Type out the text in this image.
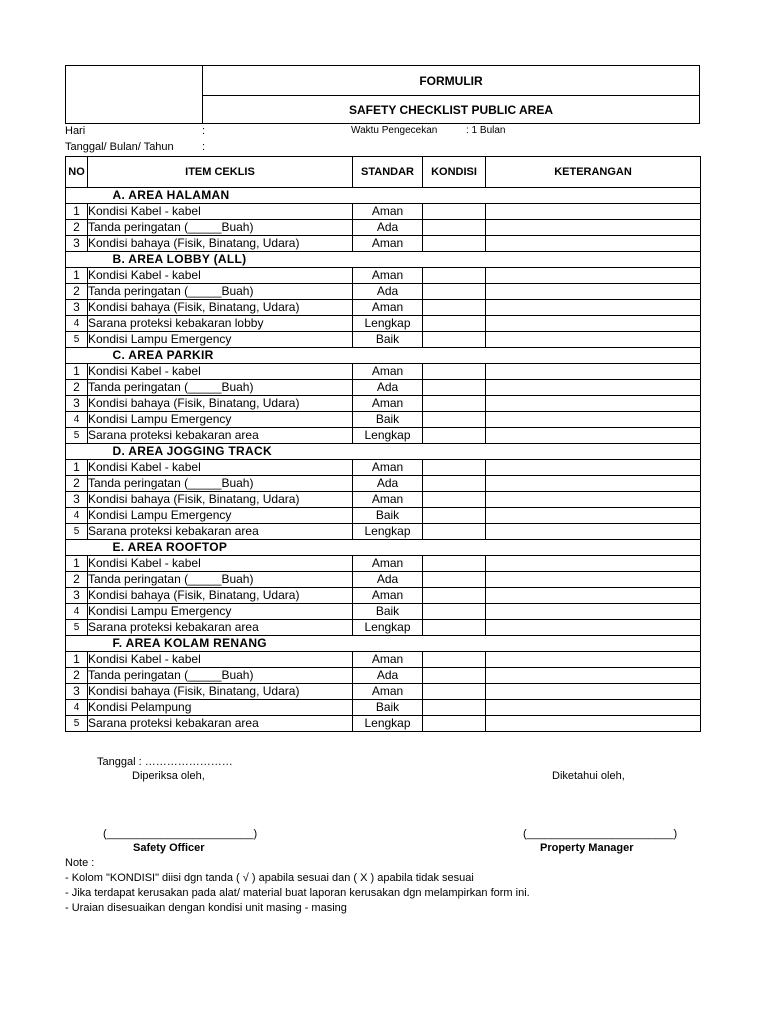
FORMULIR
SAFETY CHECKLIST PUBLIC AREA
Hari	:	Waktu Pengecekan	: 1 Bulan
Tanggal/ Bulan/ Tahun	:
NO	ITEM CEKLIS	STANDAR	KONDISI	KETERANGAN
	A. AREA HALAMAN			
1	Kondisi Kabel - kabel	Aman		
2	Tanda peringatan (_____Buah)	Ada		
3	Kondisi bahaya (Fisik, Binatang, Udara)	Aman		
	B. AREA LOBBY (ALL)			
1	Kondisi Kabel - kabel	Aman		
2	Tanda peringatan (_____Buah)	Ada		
3	Kondisi bahaya (Fisik, Binatang, Udara)	Aman		
4	Sarana proteksi kebakaran lobby	Lengkap		
5	Kondisi Lampu Emergency	Baik		
	C. AREA PARKIR			
1	Kondisi Kabel - kabel	Aman		
2	Tanda peringatan (_____Buah)	Ada		
3	Kondisi bahaya (Fisik, Binatang, Udara)	Aman		
4	Kondisi Lampu Emergency	Baik		
5	Sarana proteksi kebakaran area	Lengkap		
	D. AREA JOGGING TRACK			
1	Kondisi Kabel - kabel	Aman		
2	Tanda peringatan (_____Buah)	Ada		
3	Kondisi bahaya (Fisik, Binatang, Udara)	Aman		
4	Kondisi Lampu Emergency	Baik		
5	Sarana proteksi kebakaran area	Lengkap		
	E. AREA ROOFTOP			
1	Kondisi Kabel - kabel	Aman		
2	Tanda peringatan (_____Buah)	Ada		
3	Kondisi bahaya (Fisik, Binatang, Udara)	Aman		
4	Kondisi Lampu Emergency	Baik		
5	Sarana proteksi kebakaran area	Lengkap		
	F. AREA KOLAM RENANG			
1	Kondisi Kabel - kabel	Aman		
2	Tanda peringatan (_____Buah)	Ada		
3	Kondisi bahaya (Fisik, Binatang, Udara)	Aman		
4	Kondisi Pelampung	Baik		
5	Sarana proteksi kebakaran area	Lengkap		
Tanggal : ……………………
Diperiksa oleh,	Diketahui oleh,
(________________________)	(________________________)
Safety Officer	Property Manager
Note :
- Kolom "KONDISI" diisi dgn tanda ( √ ) apabila sesuai dan ( X ) apabila tidak sesuai
- Jika terdapat kerusakan pada alat/ material buat laporan kerusakan dgn melampirkan form ini.
- Uraian disesuaikan dengan kondisi unit masing - masing
